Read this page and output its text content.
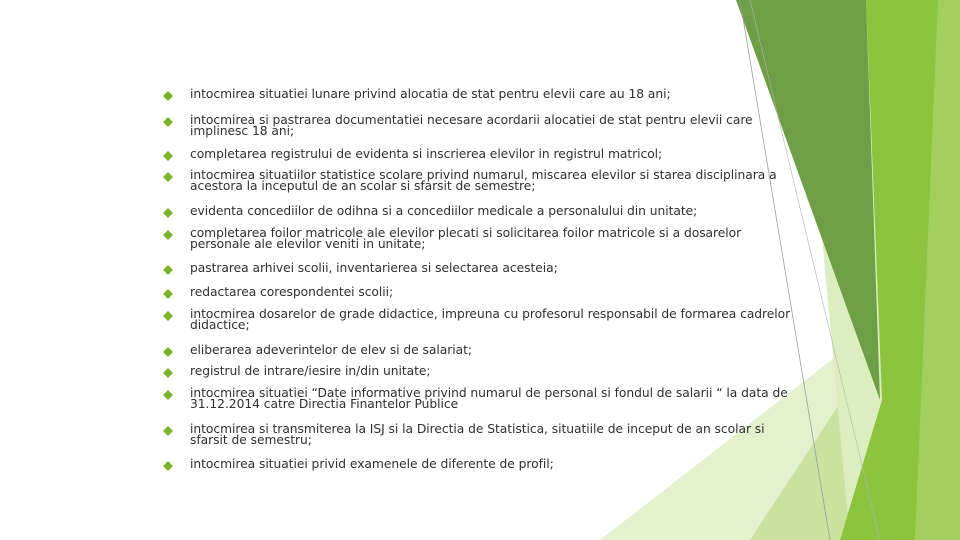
intocmirea situatiei lunare privind alocatia de stat pentru elevii care au 18 ani;
intocmirea si pastrarea documentatiei necesare acordarii alocatiei de stat pentru elevii care implinesc 18 ani;
completarea registrului de evidenta si inscrierea elevilor in registrul matricol;
intocmirea situatiilor statistice scolare privind numarul, miscarea elevilor si starea disciplinara a acestora la inceputul de an scolar si sfarsit de semestre;
evidenta concediilor de odihna si a concediilor medicale a personalului din unitate;
completarea foilor matricole ale elevilor plecati si solicitarea foilor matricole si a dosarelor personale ale elevilor veniti in unitate;
pastrarea arhivei scolii, inventarierea si selectarea acesteia;
redactarea corespondentei scolii;
intocmirea dosarelor de grade didactice, impreuna cu profesorul responsabil de formarea cadrelor didactice;
eliberarea adeverintelor de elev si de salariat;
registrul de intrare/iesire in/din unitate;
intocmirea situatiei “Date informative privind numarul de personal si fondul de salarii “ la data de 31.12.2014 catre Directia Finantelor Publice
intocmirea si transmiterea la ISJ si la Directia de Statistica, situatiile de inceput de an scolar si sfarsit de semestru;
intocmirea situatiei privid examenele de diferente de profil;
